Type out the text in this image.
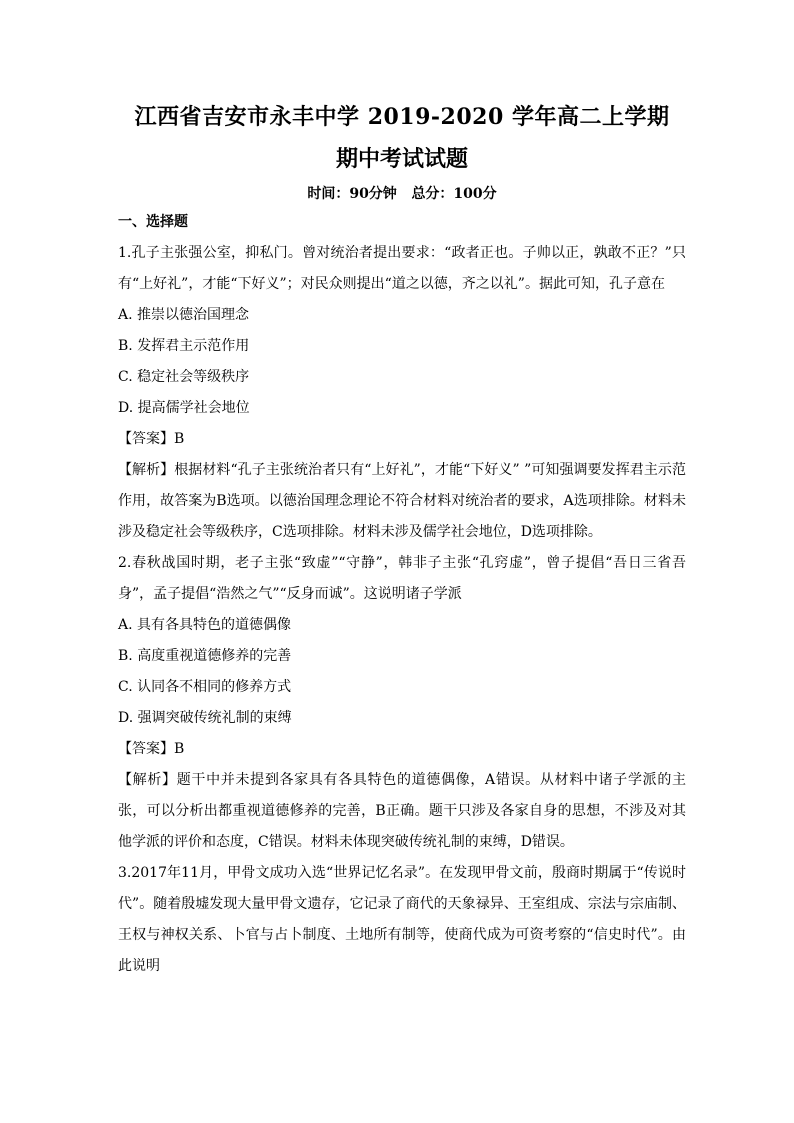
江西省吉安市永丰中学 2019-2020 学年高二上学期

期中考试试题

时间：90分钟 总分：100分

一、选择题

1.孔子主张强公室，抑私门。曾对统治者提出要求：“政者正也。子帅以正，孰敢不正？”只有“上好礼”，才能“下好义”；对民众则提出“道之以德，齐之以礼”。据此可知，孔子意在

A. 推崇以德治国理念

B. 发挥君主示范作用

C. 稳定社会等级秩序

D. 提高儒学社会地位

【答案】B

【解析】根据材料“孔子主张统治者只有“上好礼”，才能“下好义” ”可知强调要发挥君主示范作用，故答案为B选项。以德治国理念理论不符合材料对统治者的要求，A选项排除。材料未涉及稳定社会等级秩序，C选项排除。材料未涉及儒学社会地位，D选项排除。

2.春秋战国时期，老子主张“致虚”“守静”，韩非子主张“孔窍虚”，曾子提倡“吾日三省吾身”，孟子提倡“浩然之气”“反身而诚”。这说明诸子学派

A. 具有各具特色的道德偶像

B. 高度重视道德修养的完善

C. 认同各不相同的修养方式

D. 强调突破传统礼制的束缚

【答案】B

【解析】题干中并未提到各家具有各具特色的道德偶像，A错误。从材料中诸子学派的主张，可以分析出都重视道德修养的完善，B正确。题干只涉及各家自身的思想，不涉及对其他学派的评价和态度，C错误。材料未体现突破传统礼制的束缚，D错误。

3.2017年11月，甲骨文成功入选“世界记忆名录”。在发现甲骨文前，殷商时期属于“传说时代”。随着殷墟发现大量甲骨文遗存，它记录了商代的天象禄异、王室组成、宗法与宗庙制、王权与神权关系、卜官与占卜制度、土地所有制等，使商代成为可资考察的“信史时代”。由此说明
